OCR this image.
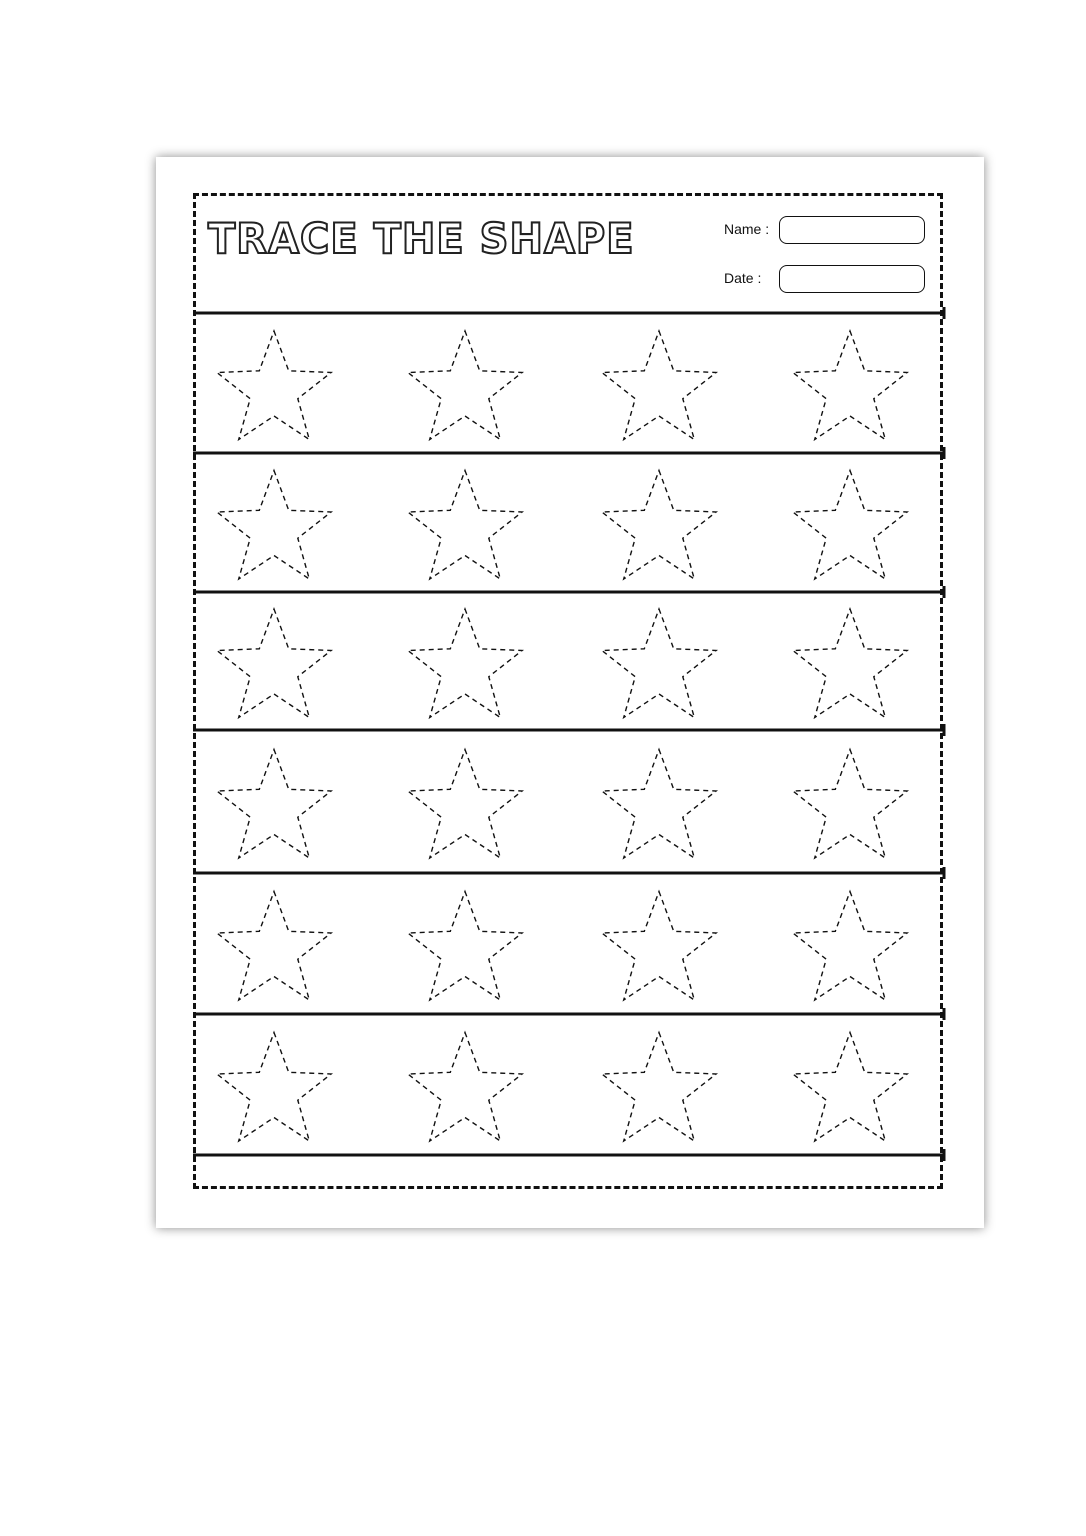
TRACE THE SHAPE	Name :
Date :
